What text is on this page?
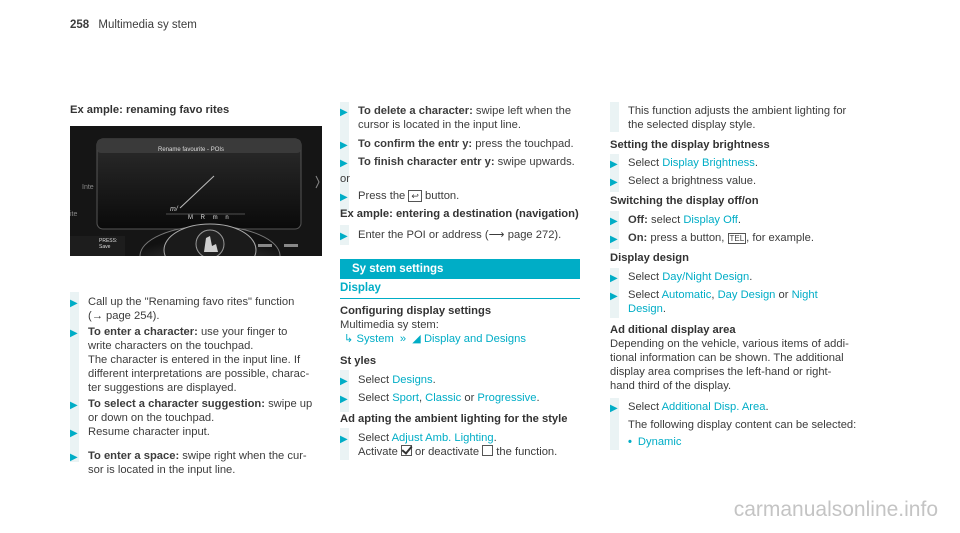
258 Multimedia sy stem
Ex ample: renaming favo rites
Rename favourite - POIs
Inte
ite
m/
M R m n
PRESS:
Save
▶ Call up the "Renaming favo rites" function
(→ page 254).
▶ To enter a character: use your finger to
write characters on the touchpad.
The character is entered in the input line. If
different interpretations are possible, charac‐
ter suggestions are displayed.
▶ To select a character suggestion: swipe up
or down on the touchpad.
▶ Resume character input.
▶ To enter a space: swipe right when the cur‐
sor is located in the input line.
▶ To delete a character: swipe left when the
cursor is located in the input line.
▶ To confirm the entr y: press the touchpad.
▶ To finish character entr y: swipe upwards.
or
▶ Press the ↩ button.
Ex ample: entering a destination (navigation)
▶ Enter the POI or address (⟶ page 272).
Sy stem settings
Display
Configuring display settings
Multimedia sy stem:
↳ System » ◢ Display and Designs
St yles
▶ Select Designs.
▶ Select Sport, Classic or Progressive.
Ad apting the ambient lighting for the style
▶ Select Adjust Amb. Lighting.
Activate  or deactivate  the function.
This function adjusts the ambient lighting for
the selected display style.
Setting the display brightness
▶ Select Display Brightness.
▶ Select a brightness value.
Switching the display off/on
▶ Off: select Display Off.
▶ On: press a button, TEL , for example.
Display design
▶ Select Day/Night Design.
▶ Select Automatic, Day Design or Night
Design.
Ad ditional display area
Depending on the vehicle, various items of addi‐
tional information can be shown. The additional
display area comprises the left-hand or right-
hand third of the display.
▶ Select Additional Disp. Area.
The following display content can be selected:
• Dynamic
carmanualsonline.info
